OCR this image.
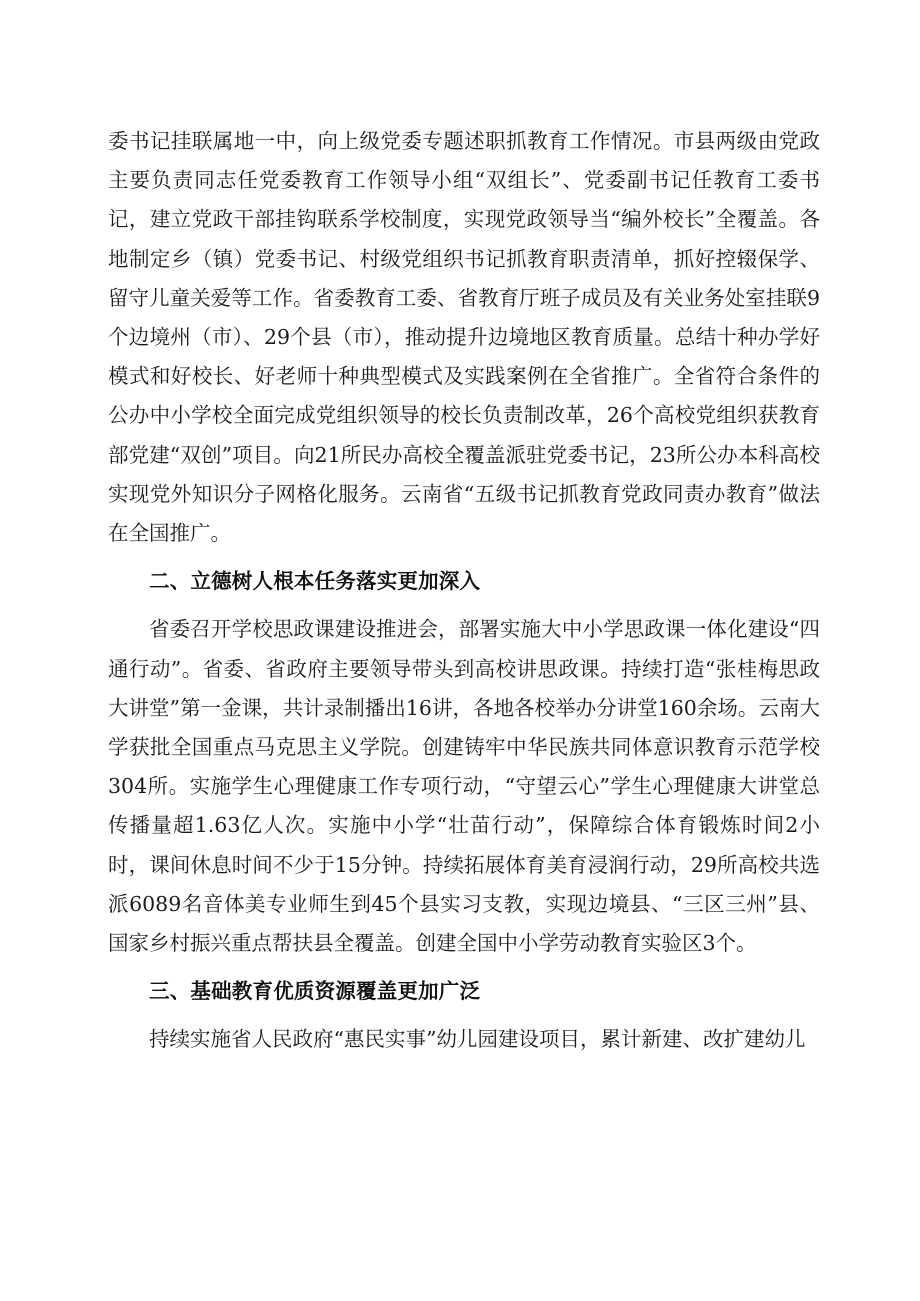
委书记挂联属地一中，向上级党委专题述职抓教育工作情况。市县两级由党政主要负责同志任党委教育工作领导小组“双组长”、党委副书记任教育工委书记，建立党政干部挂钩联系学校制度，实现党政领导当“编外校长”全覆盖。各地制定乡（镇）党委书记、村级党组织书记抓教育职责清单，抓好控辍保学、留守儿童关爱等工作。省委教育工委、省教育厅班子成员及有关业务处室挂联9个边境州（市）、29个县（市），推动提升边境地区教育质量。总结十种办学好模式和好校长、好老师十种典型模式及实践案例在全省推广。全省符合条件的公办中小学校全面完成党组织领导的校长负责制改革，26个高校党组织获教育部党建“双创”项目。向21所民办高校全覆盖派驻党委书记，23所公办本科高校实现党外知识分子网格化服务。云南省“五级书记抓教育党政同责办教育”做法在全国推广。

二、立德树人根本任务落实更加深入

省委召开学校思政课建设推进会，部署实施大中小学思政课一体化建设“四通行动”。省委、省政府主要领导带头到高校讲思政课。持续打造“张桂梅思政大讲堂”第一金课，共计录制播出16讲，各地各校举办分讲堂160余场。云南大学获批全国重点马克思主义学院。创建铸牢中华民族共同体意识教育示范学校304所。实施学生心理健康工作专项行动，“守望云心”学生心理健康大讲堂总传播量超1.63亿人次。实施中小学“壮苗行动”，保障综合体育锻炼时间2小时，课间休息时间不少于15分钟。持续拓展体育美育浸润行动，29所高校共选派6089名音体美专业师生到45个县实习支教，实现边境县、“三区三州”县、国家乡村振兴重点帮扶县全覆盖。创建全国中小学劳动教育实验区3个。

三、基础教育优质资源覆盖更加广泛

持续实施省人民政府“惠民实事”幼儿园建设项目，累计新建、改扩建幼儿
